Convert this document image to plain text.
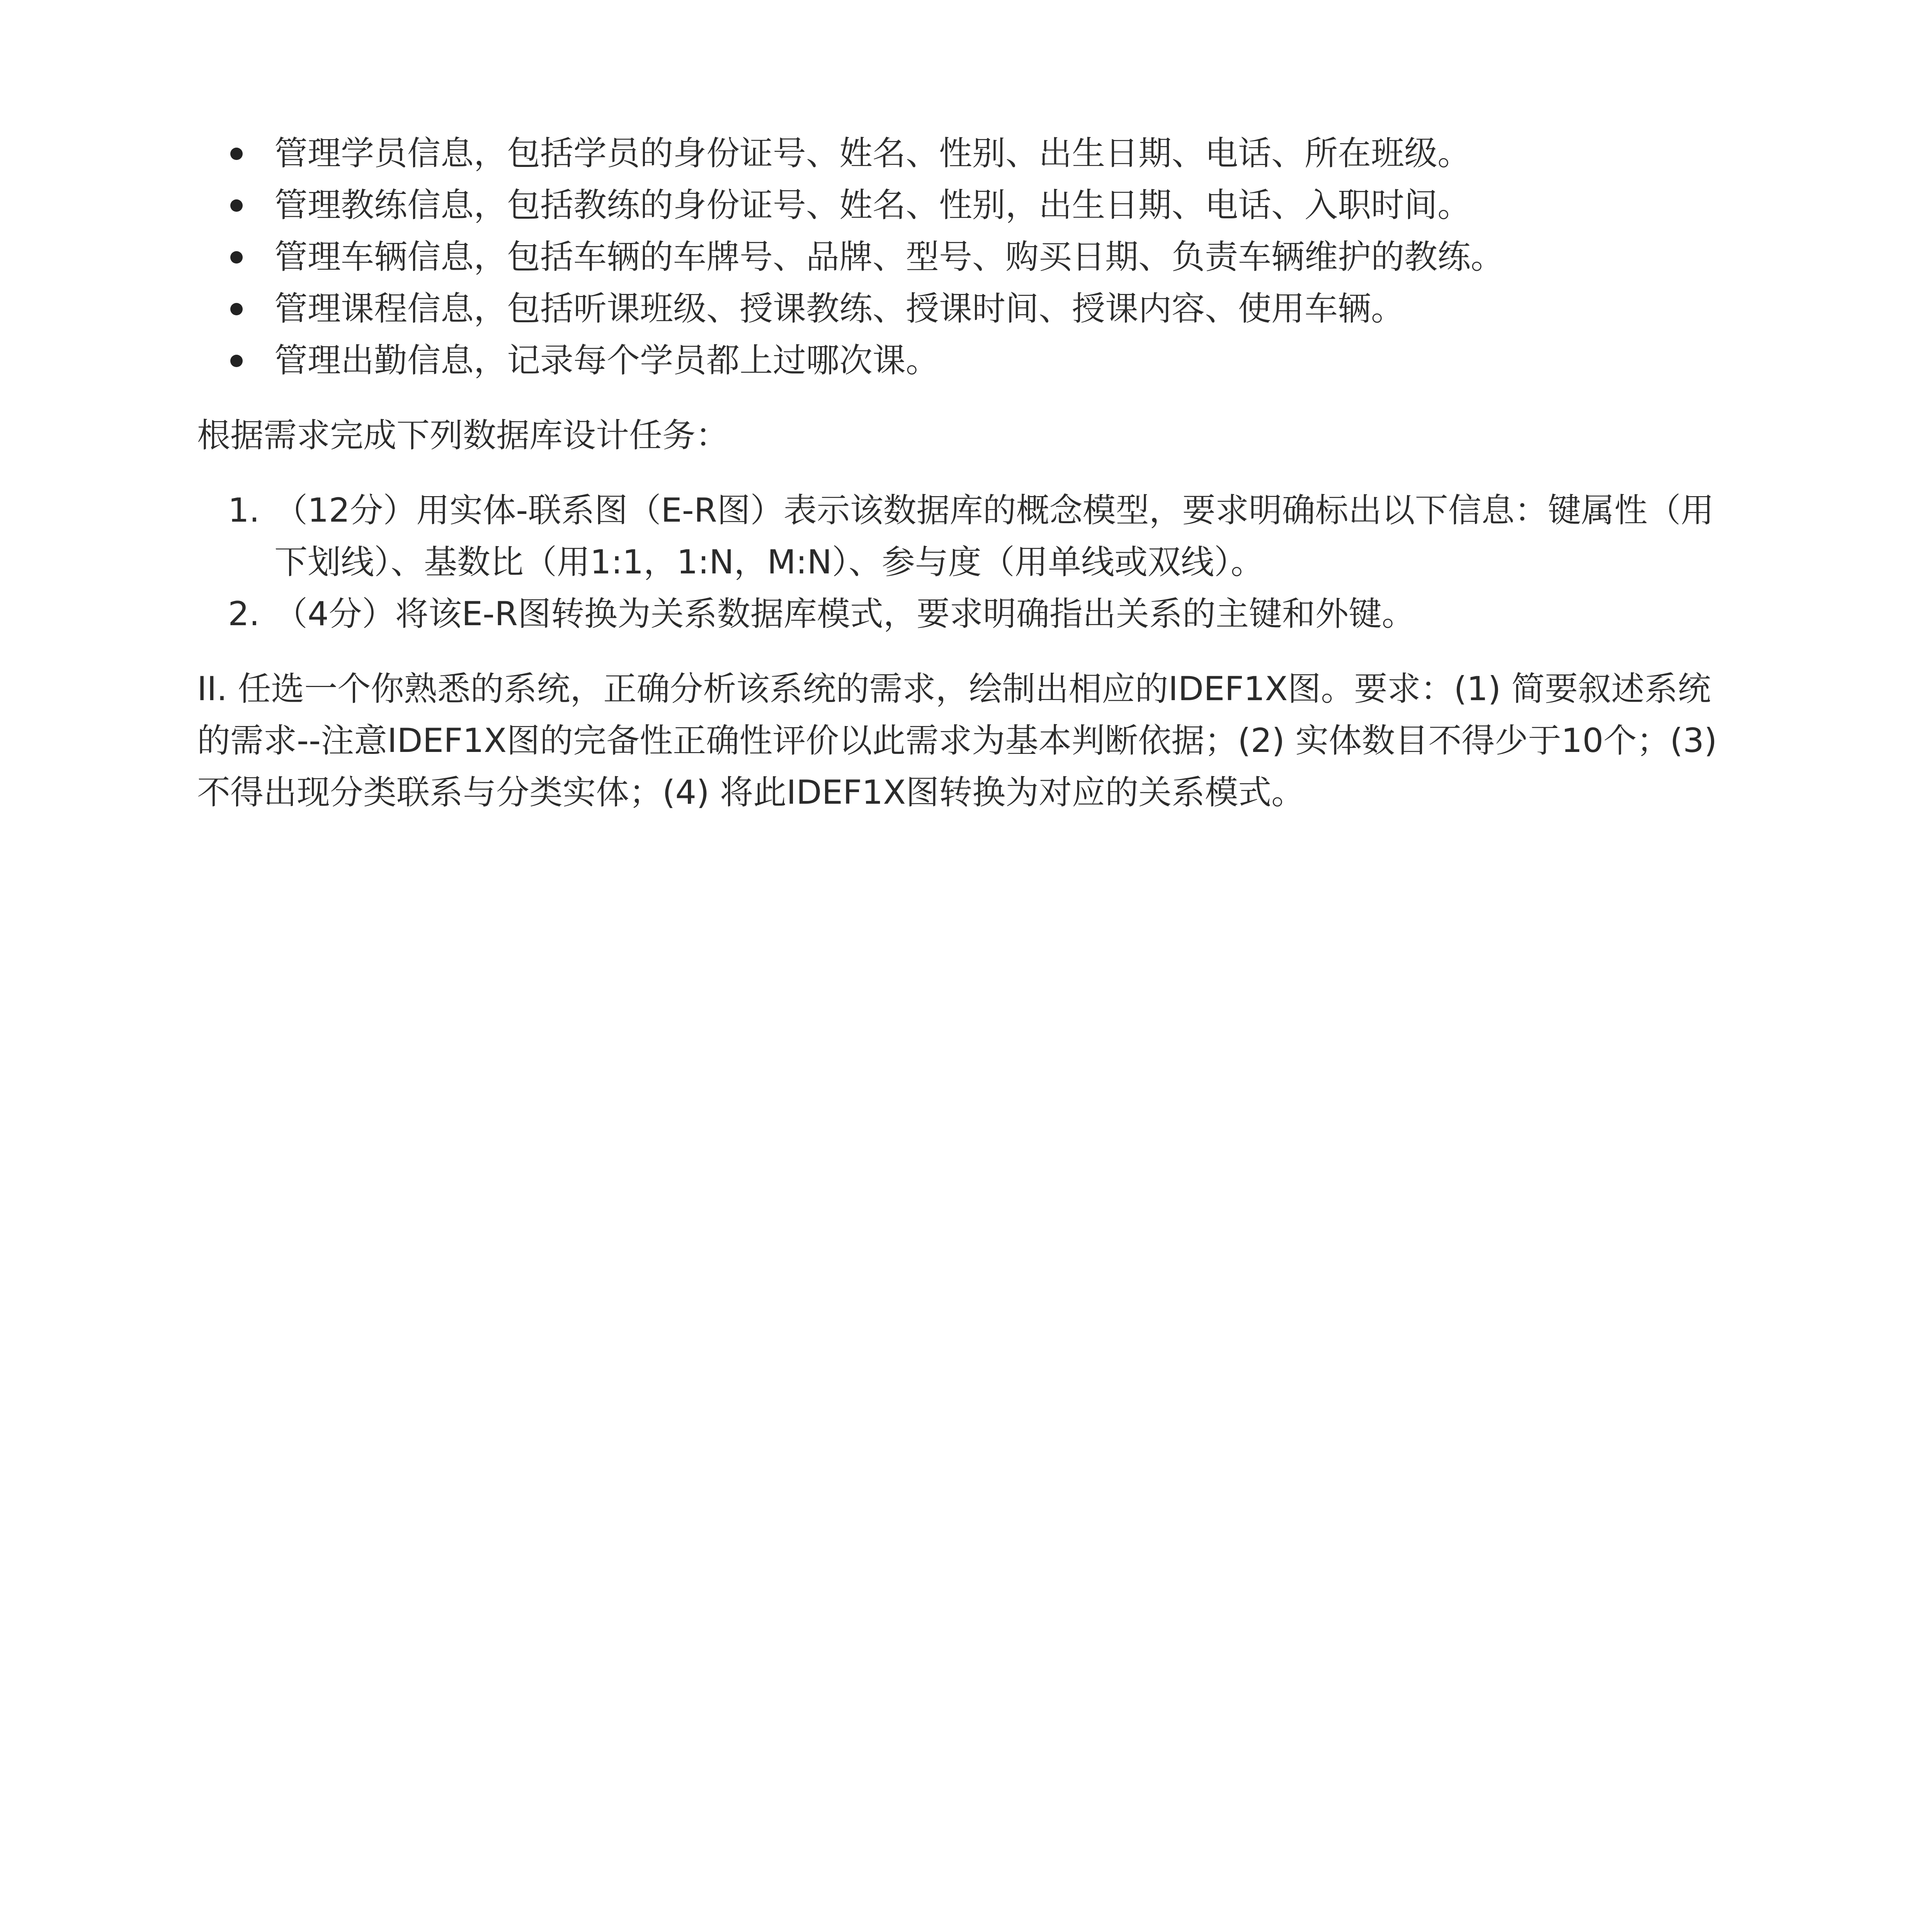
管理学员信息，包括学员的身份证号、姓名、性别、出生日期、电话、所在班级。
管理教练信息，包括教练的身份证号、姓名、性别，出生日期、电话、入职时间。
管理车辆信息，包括车辆的车牌号、品牌、型号、购买日期、负责车辆维护的教练。
管理课程信息，包括听课班级、授课教练、授课时间、授课内容、使用车辆。
管理出勤信息，记录每个学员都上过哪次课。

根据需求完成下列数据库设计任务：

1. （12分）用实体-联系图（E-R图）表示该数据库的概念模型，要求明确标出以下信息：键属性（用下划线）、基数比（用1:1，1:N，M:N）、参与度（用单线或双线）。
2. （4分）将该E-R图转换为关系数据库模式，要求明确指出关系的主键和外键。

II. 任选一个你熟悉的系统，正确分析该系统的需求，绘制出相应的IDEF1X图。要求：(1) 简要叙述系统的需求--注意IDEF1X图的完备性正确性评价以此需求为基本判断依据；(2) 实体数目不得少于10个；(3) 不得出现分类联系与分类实体；(4) 将此IDEF1X图转换为对应的关系模式。
